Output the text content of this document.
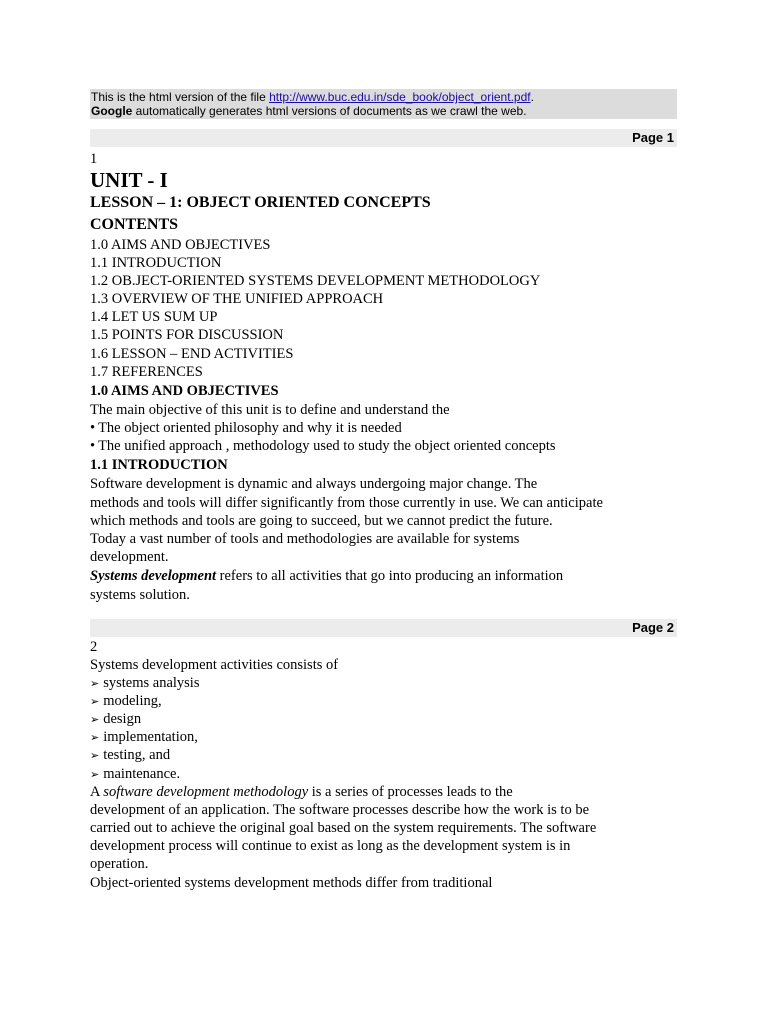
This is the html version of the file http://www.buc.edu.in/sde_book/object_orient.pdf.
Google automatically generates html versions of documents as we crawl the web.
Page 1
1
UNIT - I
LESSON – 1: OBJECT ORIENTED CONCEPTS
CONTENTS
1.0 AIMS AND OBJECTIVES
1.1 INTRODUCTION
1.2 OB.JECT-ORIENTED SYSTEMS DEVELOPMENT METHODOLOGY
1.3 OVERVIEW OF THE UNIFIED APPROACH
1.4 LET US SUM UP
1.5 POINTS FOR DISCUSSION
1.6 LESSON – END ACTIVITIES
1.7 REFERENCES
1.0 AIMS AND OBJECTIVES
The main objective of this unit is to define and understand the
• The object oriented philosophy and why it is needed
• The unified approach , methodology used to study the object oriented concepts
1.1 INTRODUCTION
Software development is dynamic and always undergoing major change. The
methods and tools will differ significantly from those currently in use. We can anticipate
which methods and tools are going to succeed, but we cannot predict the future.
Today a vast number of tools and methodologies are available for systems
development.
Systems development refers to all activities that go into producing an information
systems solution.
Page 2
2
Systems development activities consists of
➢ systems analysis
➢ modeling,
➢ design
➢ implementation,
➢ testing, and
➢ maintenance.
A software development methodology is a series of processes leads to the
development of an application. The software processes describe how the work is to be
carried out to achieve the original goal based on the system requirements. The software
development process will continue to exist as long as the development system is in
operation.
Object-oriented systems development methods differ from traditional
